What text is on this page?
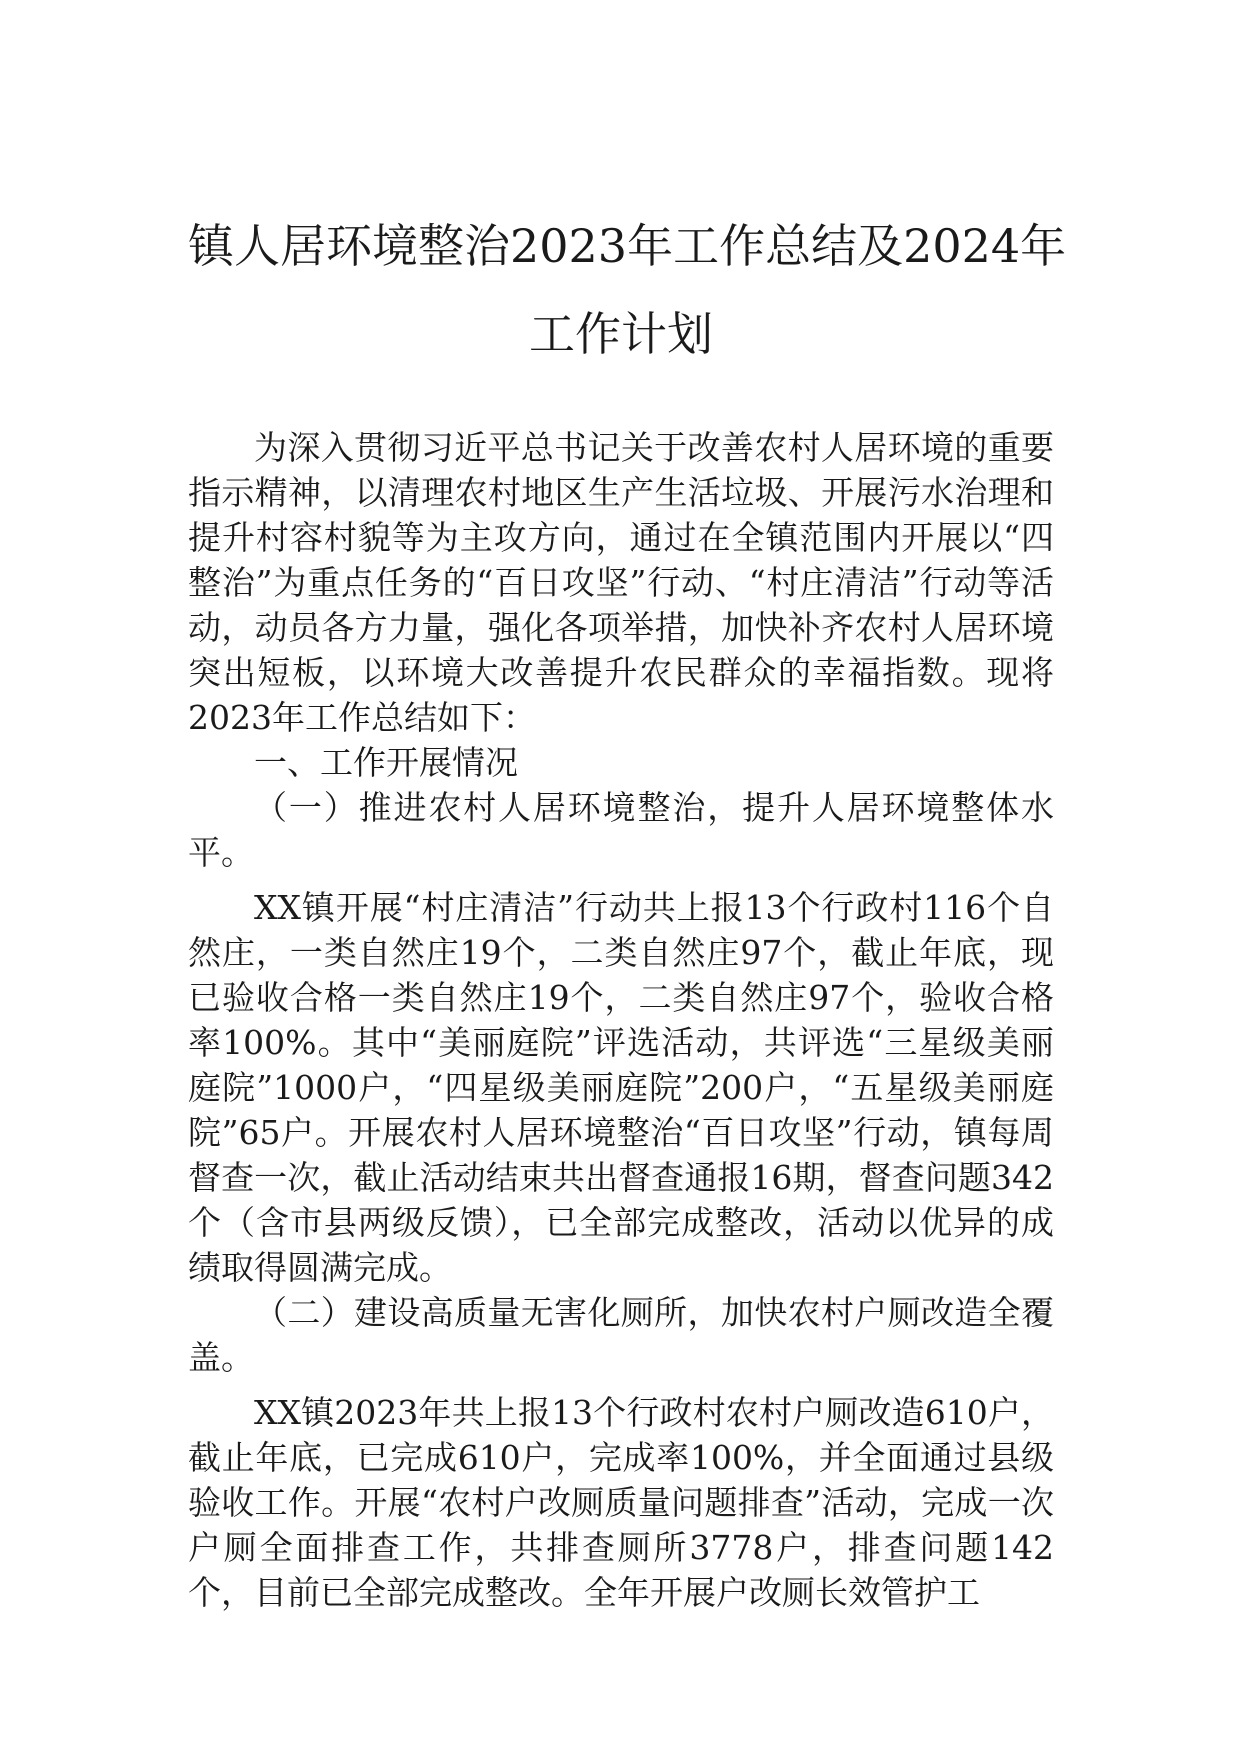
镇人居环境整治2023年工作总结及2024年
工作计划

为深入贯彻习近平总书记关于改善农村人居环境的重要指示精神，以清理农村地区生产生活垃圾、开展污水治理和提升村容村貌等为主攻方向，通过在全镇范围内开展以“四整治”为重点任务的“百日攻坚”行动、“村庄清洁”行动等活动，动员各方力量，强化各项举措，加快补齐农村人居环境突出短板，以环境大改善提升农民群众的幸福指数。现将2023年工作总结如下：

一、工作开展情况

（一）推进农村人居环境整治，提升人居环境整体水平。

XX镇开展“村庄清洁”行动共上报13个行政村116个自然庄，一类自然庄19个，二类自然庄97个，截止年底，现已验收合格一类自然庄19个，二类自然庄97个，验收合格率100%。其中“美丽庭院”评选活动，共评选“三星级美丽庭院”1000户，“四星级美丽庭院”200户，“五星级美丽庭院”65户。开展农村人居环境整治“百日攻坚”行动，镇每周督查一次，截止活动结束共出督查通报16期，督查问题342个（含市县两级反馈），已全部完成整改，活动以优异的成绩取得圆满完成。

（二）建设高质量无害化厕所，加快农村户厕改造全覆盖。

XX镇2023年共上报13个行政村农村户厕改造610户，截止年底，已完成610户，完成率100%，并全面通过县级验收工作。开展“农村户改厕质量问题排查”活动，完成一次户厕全面排查工作，共排查厕所3778户，排查问题142个，目前已全部完成整改。全年开展户改厕长效管护工
